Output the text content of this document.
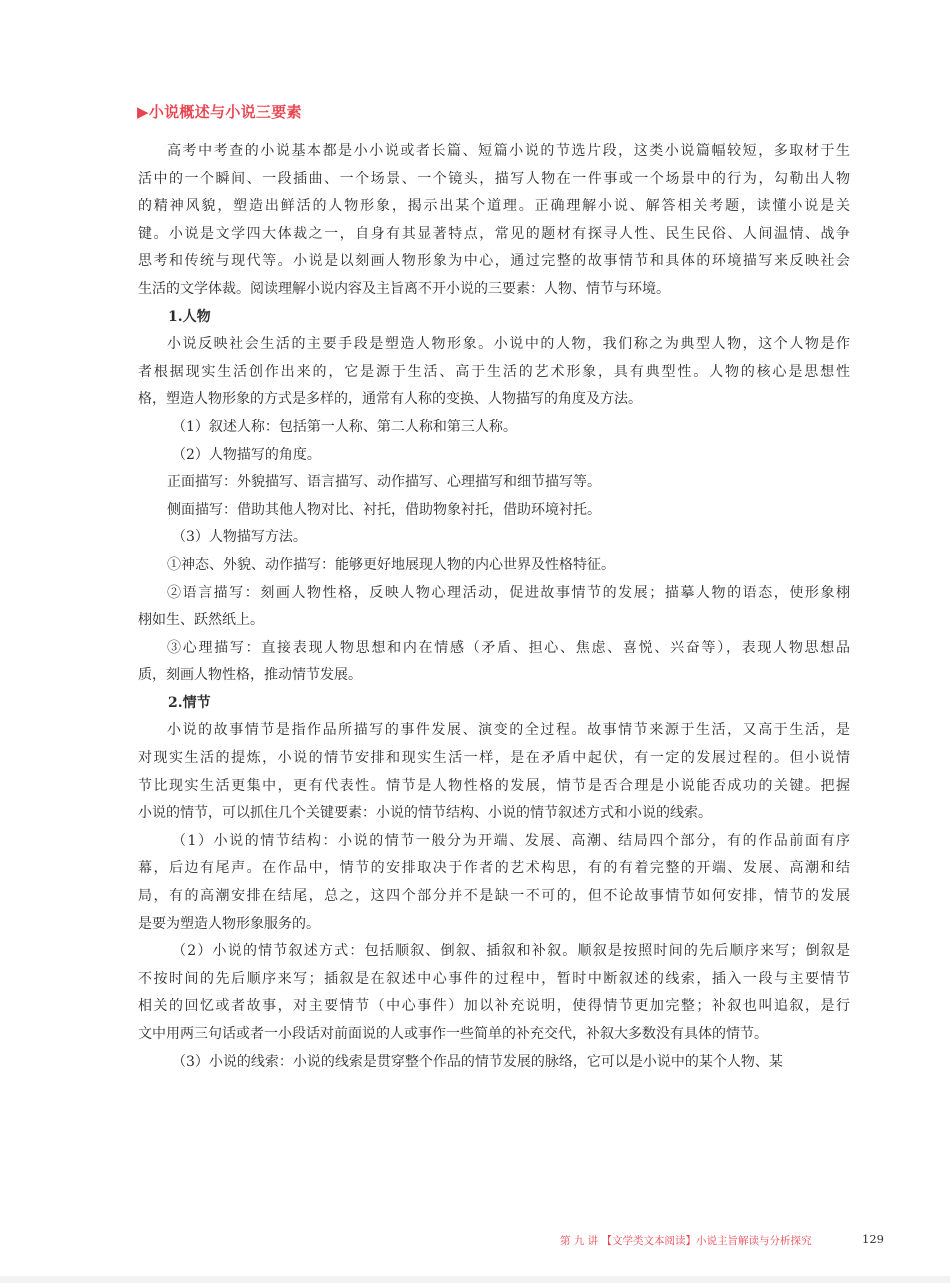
▶小说概述与小说三要素
高考中考查的小说基本都是小小说或者长篇、短篇小说的节选片段，这类小说篇幅较短，多取材于生
活中的一个瞬间、一段插曲、一个场景、一个镜头，描写人物在一件事或一个场景中的行为，勾勒出人物
的精神风貌，塑造出鲜活的人物形象，揭示出某个道理。正确理解小说、解答相关考题，读懂小说是关
键。小说是文学四大体裁之一，自身有其显著特点，常见的题材有探寻人性、民生民俗、人间温情、战争
思考和传统与现代等。小说是以刻画人物形象为中心，通过完整的故事情节和具体的环境描写来反映社会
生活的文学体裁。阅读理解小说内容及主旨离不开小说的三要素：人物、情节与环境。
1.人物
小说反映社会生活的主要手段是塑造人物形象。小说中的人物，我们称之为典型人物，这个人物是作
者根据现实生活创作出来的，它是源于生活、高于生活的艺术形象，具有典型性。人物的核心是思想性
格，塑造人物形象的方式是多样的，通常有人称的变换、人物描写的角度及方法。
（1）叙述人称：包括第一人称、第二人称和第三人称。
（2）人物描写的角度。
正面描写：外貌描写、语言描写、动作描写、心理描写和细节描写等。
侧面描写：借助其他人物对比、衬托，借助物象衬托，借助环境衬托。
（3）人物描写方法。
①神态、外貌、动作描写：能够更好地展现人物的内心世界及性格特征。
②语言描写：刻画人物性格，反映人物心理活动，促进故事情节的发展；描摹人物的语态，使形象栩
栩如生、跃然纸上。
③心理描写：直接表现人物思想和内在情感（矛盾、担心、焦虑、喜悦、兴奋等），表现人物思想品
质，刻画人物性格，推动情节发展。
2.情节
小说的故事情节是指作品所描写的事件发展、演变的全过程。故事情节来源于生活，又高于生活，是
对现实生活的提炼，小说的情节安排和现实生活一样，是在矛盾中起伏，有一定的发展过程的。但小说情
节比现实生活更集中，更有代表性。情节是人物性格的发展，情节是否合理是小说能否成功的关键。把握
小说的情节，可以抓住几个关键要素：小说的情节结构、小说的情节叙述方式和小说的线索。
（1）小说的情节结构：小说的情节一般分为开端、发展、高潮、结局四个部分，有的作品前面有序
幕，后边有尾声。在作品中，情节的安排取决于作者的艺术构思，有的有着完整的开端、发展、高潮和结
局，有的高潮安排在结尾，总之，这四个部分并不是缺一不可的，但不论故事情节如何安排，情节的发展
是要为塑造人物形象服务的。
（2）小说的情节叙述方式：包括顺叙、倒叙、插叙和补叙。顺叙是按照时间的先后顺序来写；倒叙是
不按时间的先后顺序来写；插叙是在叙述中心事件的过程中，暂时中断叙述的线索，插入一段与主要情节
相关的回忆或者故事，对主要情节（中心事件）加以补充说明，使得情节更加完整；补叙也叫追叙，是行
文中用两三句话或者一小段话对前面说的人或事作一些简单的补充交代，补叙大多数没有具体的情节。
（3）小说的线索：小说的线索是贯穿整个作品的情节发展的脉络，它可以是小说中的某个人物、某
第 九 讲 【文学类文本阅读】小说主旨解读与分析探究	129
